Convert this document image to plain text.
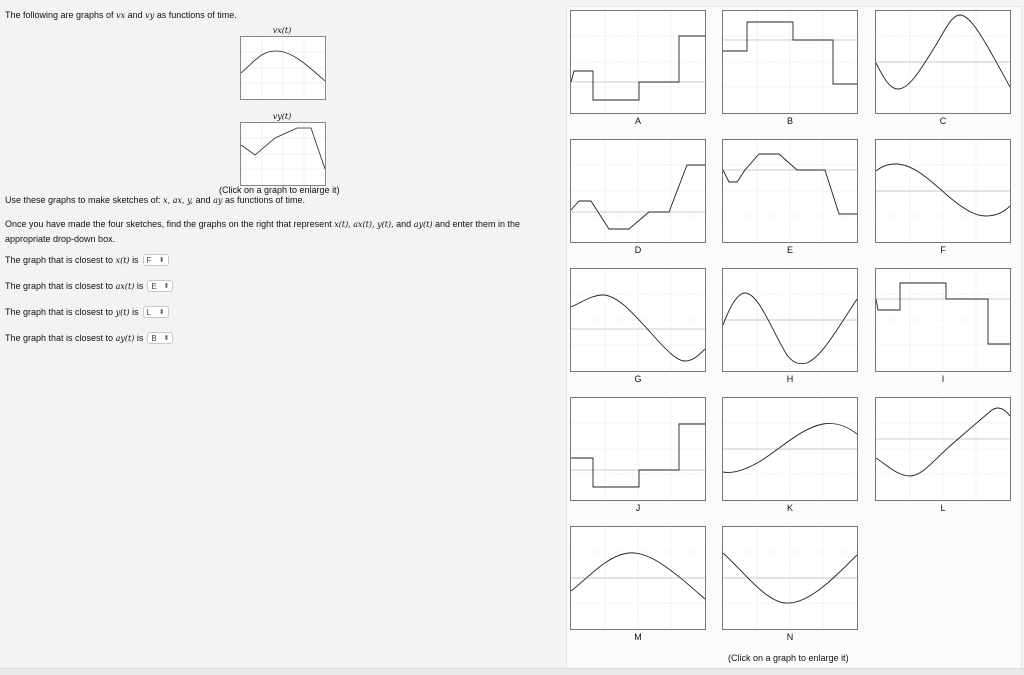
The following are graphs of vx and vy as functions of time.
vx(t)
vy(t)
(Click on a graph to enlarge it)
Use these graphs to make sketches of: x, ax, y, and ay as functions of time.
Once you have made the four sketches, find the graphs on the right that represent x(t), ax(t), y(t), and ay(t) and enter them in the appropriate drop-down box.
The graph that is closest to
x(t)
is F ⬍
The graph that is closest to
ax(t)
is E ⬍
The graph that is closest to
y(t)
is L ⬍
The graph that is closest to
ay(t)
is B ⬍
A	B	C
D	E	F
G	H	I
J	K	L
M	N
(Click on a graph to enlarge it)
